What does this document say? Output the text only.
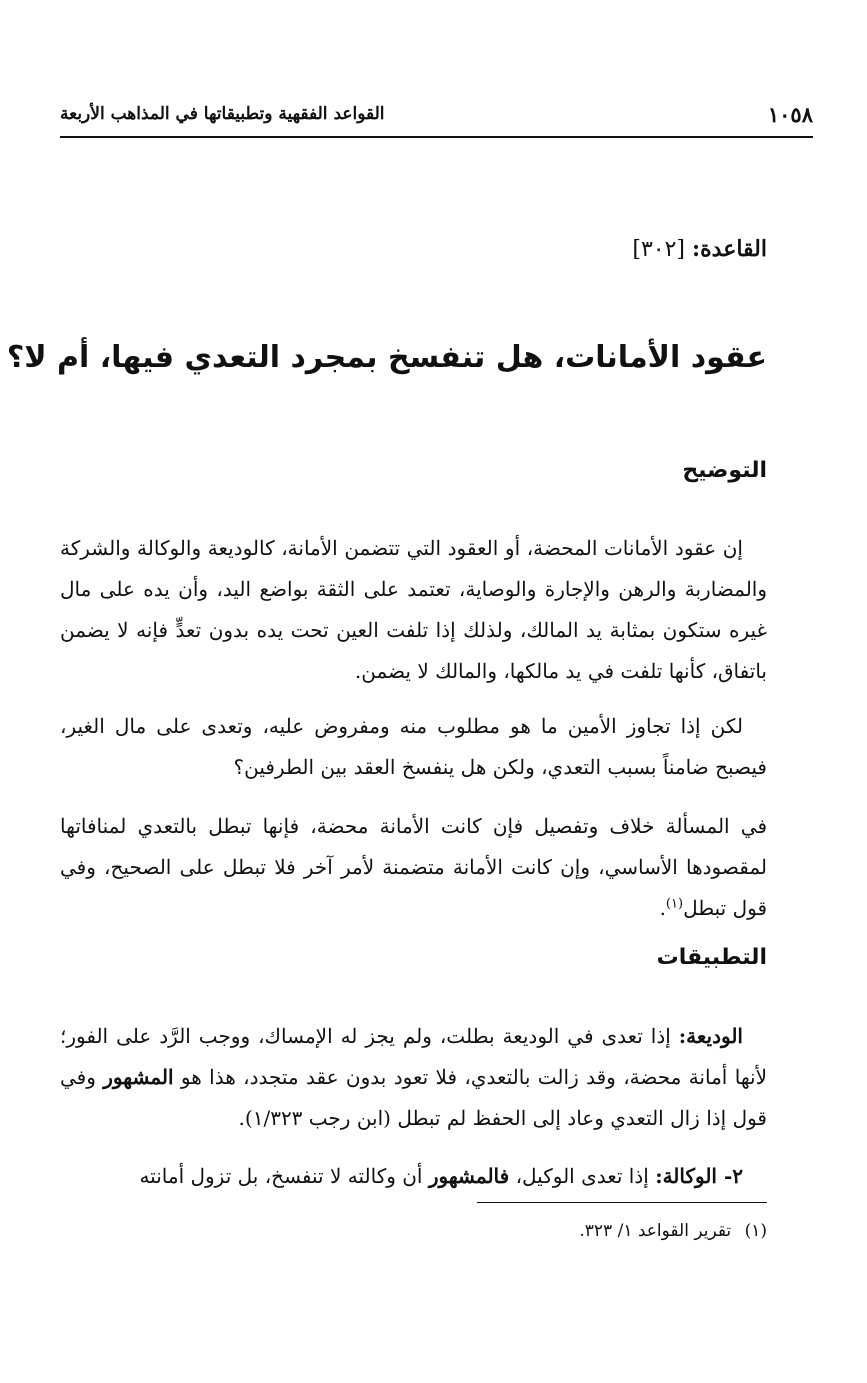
١٠٥٨
القواعد الفقهية وتطبيقاتها في المذاهب الأربعة
القاعدة: [٣٠٢]
عقود الأمانات، هل تنفسخ بمجرد التعدي فيها، أم لا؟
التوضيح

إن عقود الأمانات المحضة، أو العقود التي تتضمن الأمانة، كالوديعة والوكالة والشركة والمضاربة والرهن والإجارة والوصاية، تعتمد على الثقة بواضع اليد، وأن يده على مال غيره ستكون بمثابة يد المالك، ولذلك إذا تلفت العين تحت يده بدون تعدٍّ فإنه لا يضمن باتفاق، كأنها تلفت في يد مالكها، والمالك لا يضمن.

لكن إذا تجاوز الأمين ما هو مطلوب منه ومفروض عليه، وتعدى على مال الغير، فيصبح ضامناً بسبب التعدي، ولكن هل ينفسخ العقد بين الطرفين؟

في المسألة خلاف وتفصيل فإن كانت الأمانة محضة، فإنها تبطل بالتعدي لمنافاتها لمقصودها الأساسي، وإن كانت الأمانة متضمنة لأمر آخر فلا تبطل على الصحيح، وفي قول تبطل$^{(١)}$.

التطبيقات

الوديعة: إذا تعدى في الوديعة بطلت، ولم يجز له الإمساك، ووجب الرَّد على الفور؛ لأنها أمانة محضة، وقد زالت بالتعدي، فلا تعود بدون عقد متجدد، هذا هو المشهور وفي قول إذا زال التعدي وعاد إلى الحفظ لم تبطل (ابن رجب ١/٣٢٣).

٢- الوكالة: إذا تعدى الوكيل، فالمشهور أن وكالته لا تنفسخ، بل تزول أمانته

(١) تقرير القواعد ١/ ٣٢٣.
